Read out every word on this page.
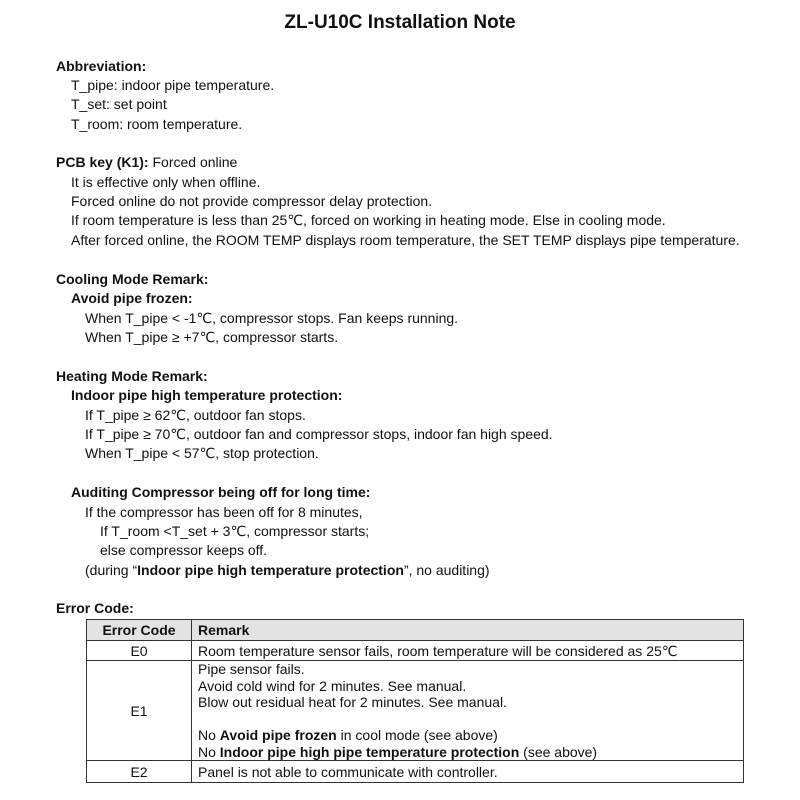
ZL-U10C Installation Note
Abbreviation:
T_pipe: indoor pipe temperature.
T_set: set point
T_room: room temperature.
PCB key (K1): Forced online
It is effective only when offline.
Forced online do not provide compressor delay protection.
If room temperature is less than 25℃, forced on working in heating mode. Else in cooling mode.
After forced online, the ROOM TEMP displays room temperature, the SET TEMP displays pipe temperature.
Cooling Mode Remark:
Avoid pipe frozen:
When T_pipe < -1℃, compressor stops. Fan keeps running.
When T_pipe ≥ +7℃, compressor starts.
Heating Mode Remark:
Indoor pipe high temperature protection:
If T_pipe ≥ 62℃, outdoor fan stops.
If T_pipe ≥ 70℃, outdoor fan and compressor stops, indoor fan high speed.
When T_pipe < 57℃, stop protection.
Auditing Compressor being off for long time:
If the compressor has been off for 8 minutes,
If T_room <T_set + 3℃, compressor starts;
else compressor keeps off.
(during “Indoor pipe high temperature protection”, no auditing)
Error Code:
Error Code	Remark
E0	Room temperature sensor fails, room temperature will be considered as 25℃
E1	Pipe sensor fails.
Avoid cold wind for 2 minutes. See manual.
Blow out residual heat for 2 minutes. See manual.

No Avoid pipe frozen in cool mode (see above)
No Indoor pipe high pipe temperature protection (see above)

E2	Panel is not able to communicate with controller.
